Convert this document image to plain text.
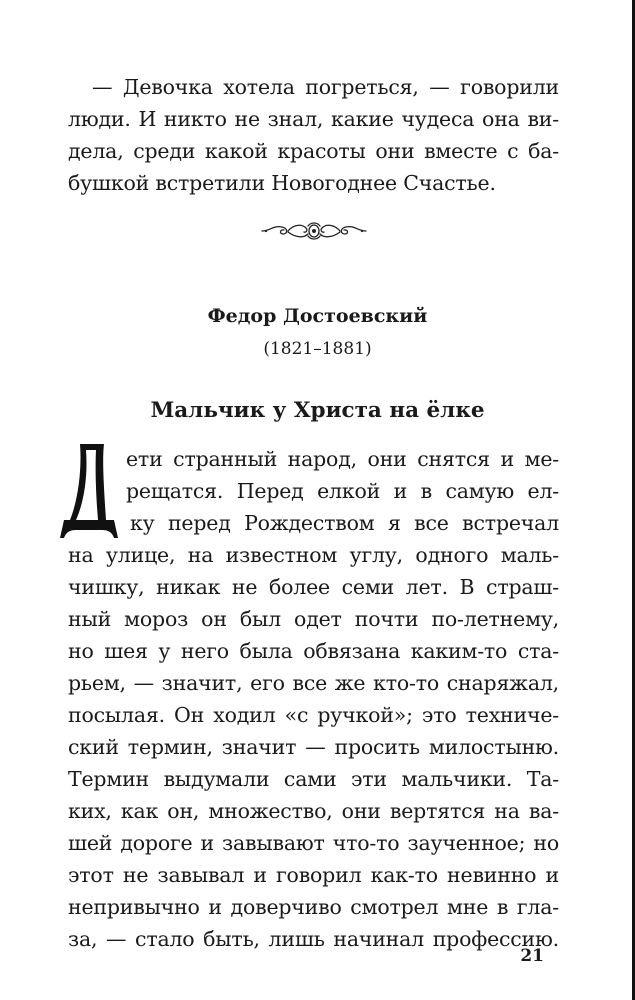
— Девочка хотела погреться, — говорили
люди. И никто не знал, какие чудеса она ви-
дела, среди какой красоты они вместе с ба-
бушкой встретили Новогоднее Счастье.
Федор Достоевский
(1821–1881)
Мальчик у Христа на ёлке
ети странный народ, они снятся и ме-
рещатся. Перед елкой и в самую ел-
ку перед Рождеством я все встречал
на улице, на известном углу, одного маль-
чишку, никак не более семи лет. В страш-
ный мороз он был одет почти по-летнему,
но шея у него была обвязана каким-то ста-
рьем, — значит, его все же кто-то снаряжал,
посылая. Он ходил «с ручкой»; это техниче-
ский термин, значит — просить милостыню.
Термин выдумали сами эти мальчики. Та-
ких, как он, множество, они вертятся на ва-
шей дороге и завывают что-то заученное; но
этот не завывал и говорил как-то невинно и
непривычно и доверчиво смотрел мне в гла-
за, — стало быть, лишь начинал профессию.
21
